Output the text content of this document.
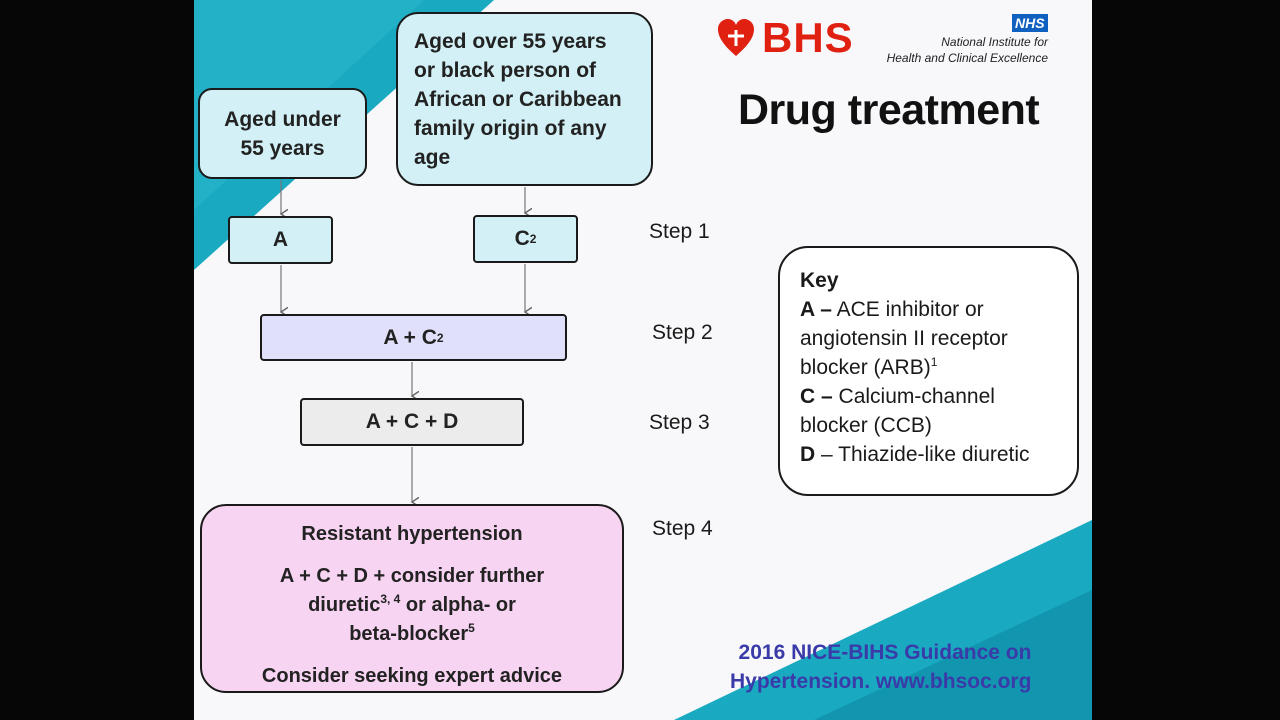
BHS	NHS
National Institute for
Health and Clinical Excellence
Drug treatment
Aged under
55 years
Aged over 55 years
or black person of
African or Caribbean
family origin of any
age
A	C 2
A + C 2
A + C + D
Resistant hypertension
A + C + D + consider further
diuretic$^{3, 4}$ or alpha- or
beta-blocker$^5$
Consider seeking expert advice
Step 1
Step 2
Step 3
Step 4
Key
A – ACE inhibitor or
angiotensin II receptor
blocker (ARB)$^1$
C – Calcium-channel
blocker (CCB)
D – Thiazide-like diuretic
2016 NICE-BIHS Guidance on
Hypertension. www.bhsoc.org
